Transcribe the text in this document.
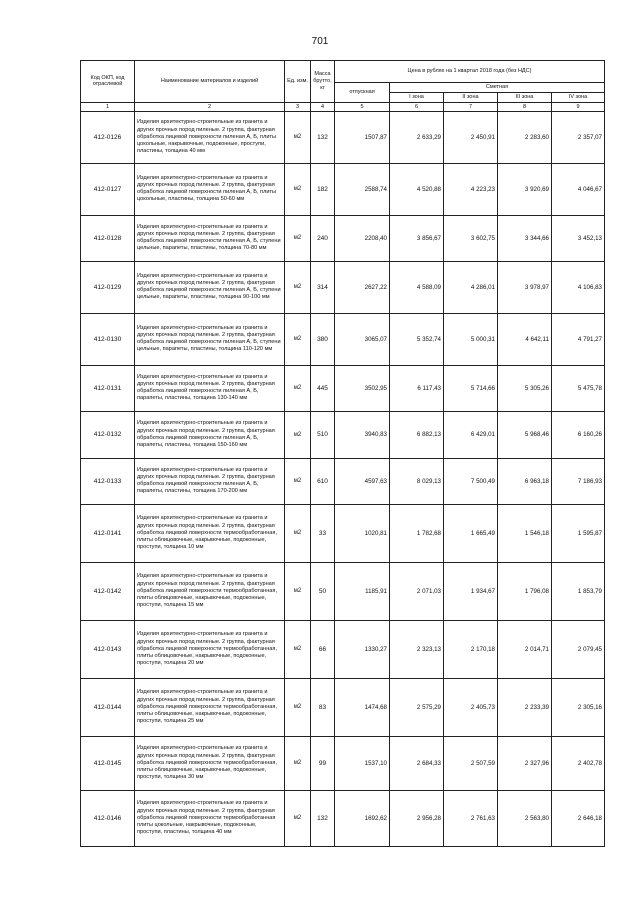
701
Код ОКП, код отраслевой	Наименование материалов и изделий	Ед. изм.	Масса брутто, кг	Цена в рублях на 1 квартал 2018 года (без НДС)				
				отпускная	Сметная			
					I зона	II зона	III зона	IV зона
1	2	3	4	5	6	7	8	9
412-0126	Изделия архитектурно-строительные из гранита и других прочных пород пиленые. 2 группа, фактурная обработка лицевой поверхности пиленая А, Б, плиты цокольные, накрывочные, подоконные, проступи, пластины, толщина 40 мм	м2	132	1507,87	2 633,29	2 450,91	2 283,60	2 357,07
412-0127	Изделия архитектурно-строительные из гранита и других прочных пород пиленые. 2 группа, фактурная обработка лицевой поверхности пиленая А, Б, плиты цокольные, пластины, толщина 50-60 мм	м2	182	2588,74	4 520,88	4 223,23	3 920,69	4 046,67
412-0128	Изделия архитектурно-строительные из гранита и других прочных пород пиленые. 2 группа, фактурная обработка лицевой поверхности пиленая А, Б, ступени цельные, парапеты, пластины, толщина 70-80 мм	м2	240	2208,40	3 856,67	3 602,75	3 344,66	3 452,13
412-0129	Изделия архитектурно-строительные из гранита и других прочных пород пиленые. 2 группа, фактурная обработка лицевой поверхности пиленая А, Б, ступени цельные, парапеты, пластины, толщина 90-100 мм	м2	314	2627,22	4 588,09	4 286,01	3 978,97	4 106,83
412-0130	Изделия архитектурно-строительные из гранита и других прочных пород пиленые. 2 группа, фактурная обработка лицевой поверхности пиленая А, Б, ступени цельные, парапеты, пластины, толщина 110-120 мм	м2	380	3065,07	5 352,74	5 000,31	4 642,11	4 791,27
412-0131	Изделия архитектурно-строительные из гранита и других прочных пород пиленые. 2 группа, фактурная обработка лицевой поверхности пиленая А, Б, парапеты, пластины, толщина 130-140 мм	м2	445	3502,95	6 117,43	5 714,66	5 305,26	5 475,78
412-0132	Изделия архитектурно-строительные из гранита и других прочных пород пиленые. 2 группа, фактурная обработка лицевой поверхности пиленая А, Б, парапеты, пластины, толщина 150-160 мм	м2	510	3940,83	6 882,13	6 429,01	5 968,46	6 160,26
412-0133	Изделия архитектурно-строительные из гранита и других прочных пород пиленые. 2 группа, фактурная обработка лицевой поверхности пиленая А, Б, парапеты, пластины, толщина 170-200 мм	м2	610	4597,63	8 029,13	7 500,49	6 963,18	7 186,93
412-0141	Изделия архитектурно-строительные из гранита и других прочных пород пиленые. 2 группа, фактурная обработка лицевой поверхности термообработанная, плиты облицовочные, накрывочные, подоконные, проступи, толщина 10 мм	м2	33	1020,81	1 782,68	1 665,49	1 546,18	1 595,87
412-0142	Изделия архитектурно-строительные из гранита и других прочных пород пиленые. 2 группа, фактурная обработка лицевой поверхности термообработанная, плиты облицовочные, накрывочные, подоконные, проступи, толщина 15 мм	м2	50	1185,91	2 071,03	1 934,67	1 796,08	1 853,79
412-0143	Изделия архитектурно-строительные из гранита и других прочных пород пиленые. 2 группа, фактурная обработка лицевой поверхности термообработанная, плиты облицовочные, накрывочные, подоконные, проступи, толщина 20 мм	м2	66	1330,27	2 323,13	2 170,18	2 014,71	2 079,45
412-0144	Изделия архитектурно-строительные из гранита и других прочных пород пиленые. 2 группа, фактурная обработка лицевой поверхности термообработанная, плиты облицовочные, накрывочные, подоконные, проступи, толщина 25 мм	м2	83	1474,68	2 575,29	2 405,73	2 233,39	2 305,16
412-0145	Изделия архитектурно-строительные из гранита и других прочных пород пиленые. 2 группа, фактурная обработка лицевой поверхности термообработанная, плиты облицовочные, накрывочные, подоконные, проступи, толщина 30 мм	м2	99	1537,10	2 684,33	2 507,59	2 327,96	2 402,78
412-0146	Изделия архитектурно-строительные из гранита и других прочных пород пиленые. 2 группа, фактурная обработка лицевой поверхности термообработанная плиты цокольные, накрывочные, подоконные, проступи, пластины, толщина 40 мм	м2	132	1692,62	2 956,28	2 761,63	2 563,80	2 646,18
